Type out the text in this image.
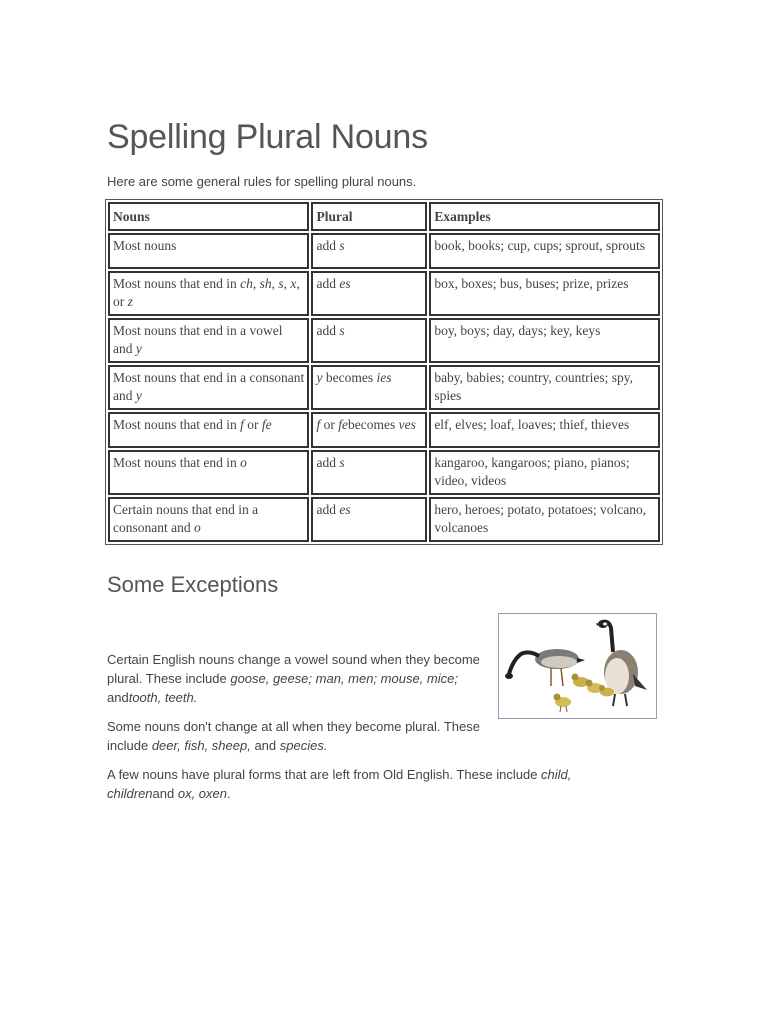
Spelling Plural Nouns

Here are some general rules for spelling plural nouns.

Nouns	Plural	Examples
Most nouns	add s	book, books; cup, cups; sprout, sprouts
Most nouns that end in ch, sh, s, x, or z	add es	box, boxes; bus, buses; prize, prizes
Most nouns that end in a vowel and y	add s	boy, boys; day, days; key, keys
Most nouns that end in a consonant and y	y becomes ies	baby, babies; country, countries; spy, spies
Most nouns that end in f or fe	f or febecomes ves	elf, elves; loaf, loaves; thief, thieves
Most nouns that end in o	add s	kangaroo, kangaroos; piano, pianos; video, videos
Certain nouns that end in a consonant and o	add es	hero, heroes; potato, potatoes; volcano, volcanoes
Some Exceptions

Certain English nouns change a vowel sound when they become plural. These include goose, geese; man, men; mouse, mice; andtooth, teeth.

Some nouns don't change at all when they become plural. These include deer, fish, sheep, and species.

A few nouns have plural forms that are left from Old English. These include child, childrenand ox, oxen.
